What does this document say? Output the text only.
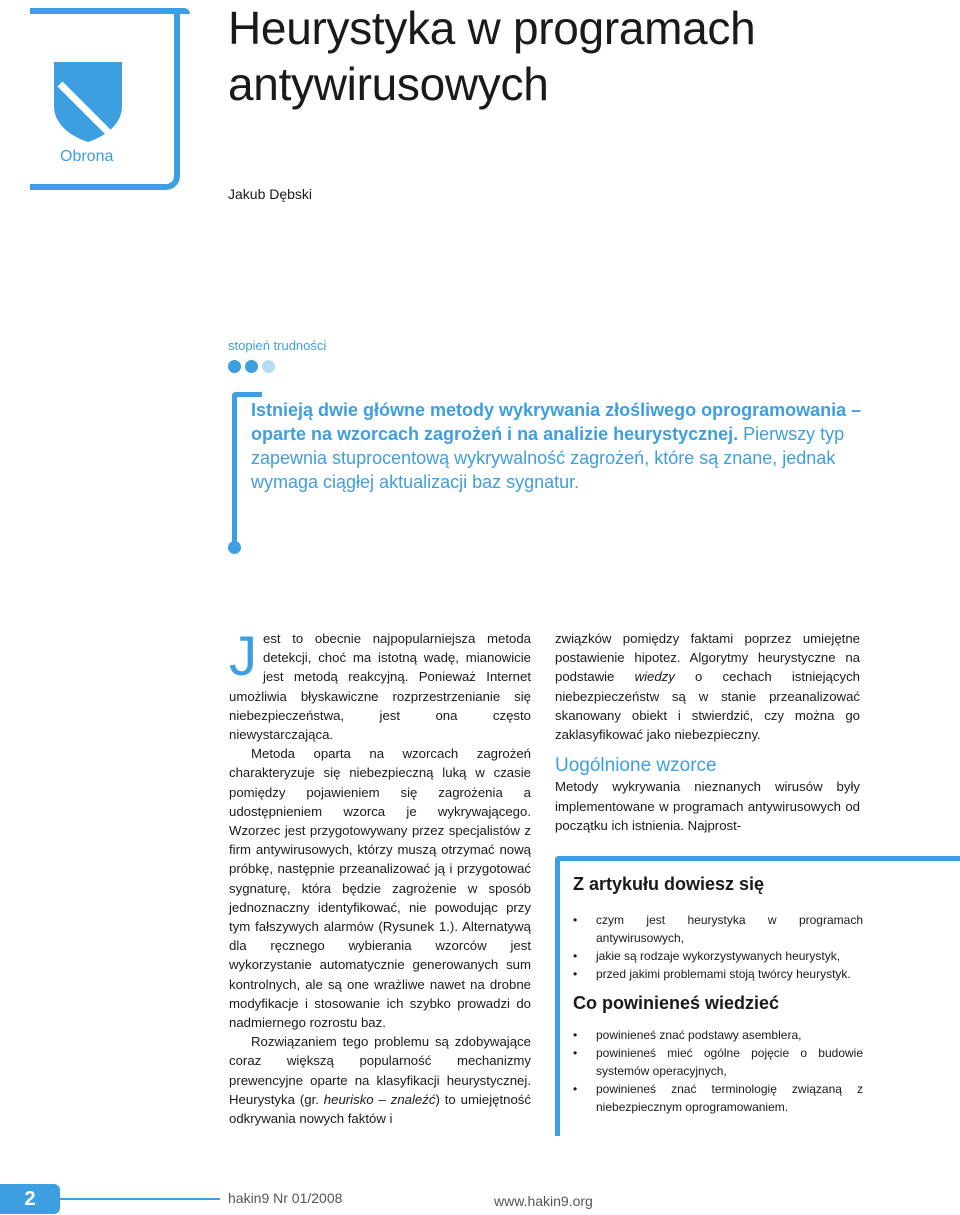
Obrona
Heurystyka w programach antywirusowych
Jakub Dębski
stopień trudności

Istnieją dwie główne metody wykrywania złośliwego oprogramowania – oparte na wzorcach zagrożeń i na analizie heurystycznej. Pierwszy typ zapewnia stuprocentową wykrywalność zagrożeń, które są znane, jednak wymaga ciągłej aktualizacji baz sygnatur.

Jest to obecnie najpopularniejsza metoda detekcji, choć ma istotną wadę, mianowicie jest metodą reakcyjną. Ponieważ Internet umożliwia błyskawiczne rozprzestrzenianie się niebezpieczeństwa, jest ona często niewystarczająca.

Metoda oparta na wzorcach zagrożeń charakteryzuje się niebezpieczną luką w czasie pomiędzy pojawieniem się zagrożenia a udostępnieniem wzorca je wykrywającego. Wzorzec jest przygotowywany przez specjalistów z firm antywirusowych, którzy muszą otrzymać nową próbkę, następnie przeanalizować ją i przygotować sygnaturę, która będzie zagrożenie w sposób jednoznaczny identyfikować, nie powodując przy tym fałszywych alarmów (Rysunek 1.). Alternatywą dla ręcznego wybierania wzorców jest wykorzystanie automatycznie generowanych sum kontrolnych, ale są one wrażliwe nawet na drobne modyfikacje i stosowanie ich szybko prowadzi do nadmiernego rozrostu baz.

Rozwiązaniem tego problemu są zdobywające coraz większą popularność mechanizmy prewencyjne oparte na klasyfikacji heurystycznej. Heurystyka (gr. heurisko – znaleźć) to umiejętność odkrywania nowych faktów i

związków pomiędzy faktami poprzez umiejętne postawienie hipotez. Algorytmy heurystyczne na podstawie wiedzy o cechach istniejących niebezpieczeństw są w stanie przeanalizować skanowany obiekt i stwierdzić, czy można go zaklasyfikować jako niebezpieczny.

Uogólnione wzorce

Metody wykrywania nieznanych wirusów były implementowane w programach antywirusowych od początku ich istnienia. Najprost-

Z artykułu dowiesz się
• czym jest heurystyka w programach antywirusowych,
• jakie są rodzaje wykorzystywanych heurystyk,
• przed jakimi problemami stoją twórcy heurystyk.
Co powinieneś wiedzieć
• powinieneś znać podstawy asemblera,
• powinieneś mieć ogólne pojęcie o budowie systemów operacyjnych,
• powinieneś znać terminologię związaną z niebezpiecznym oprogramowaniem.
2	hakin9 Nr 01/2008	www.hakin9.org
